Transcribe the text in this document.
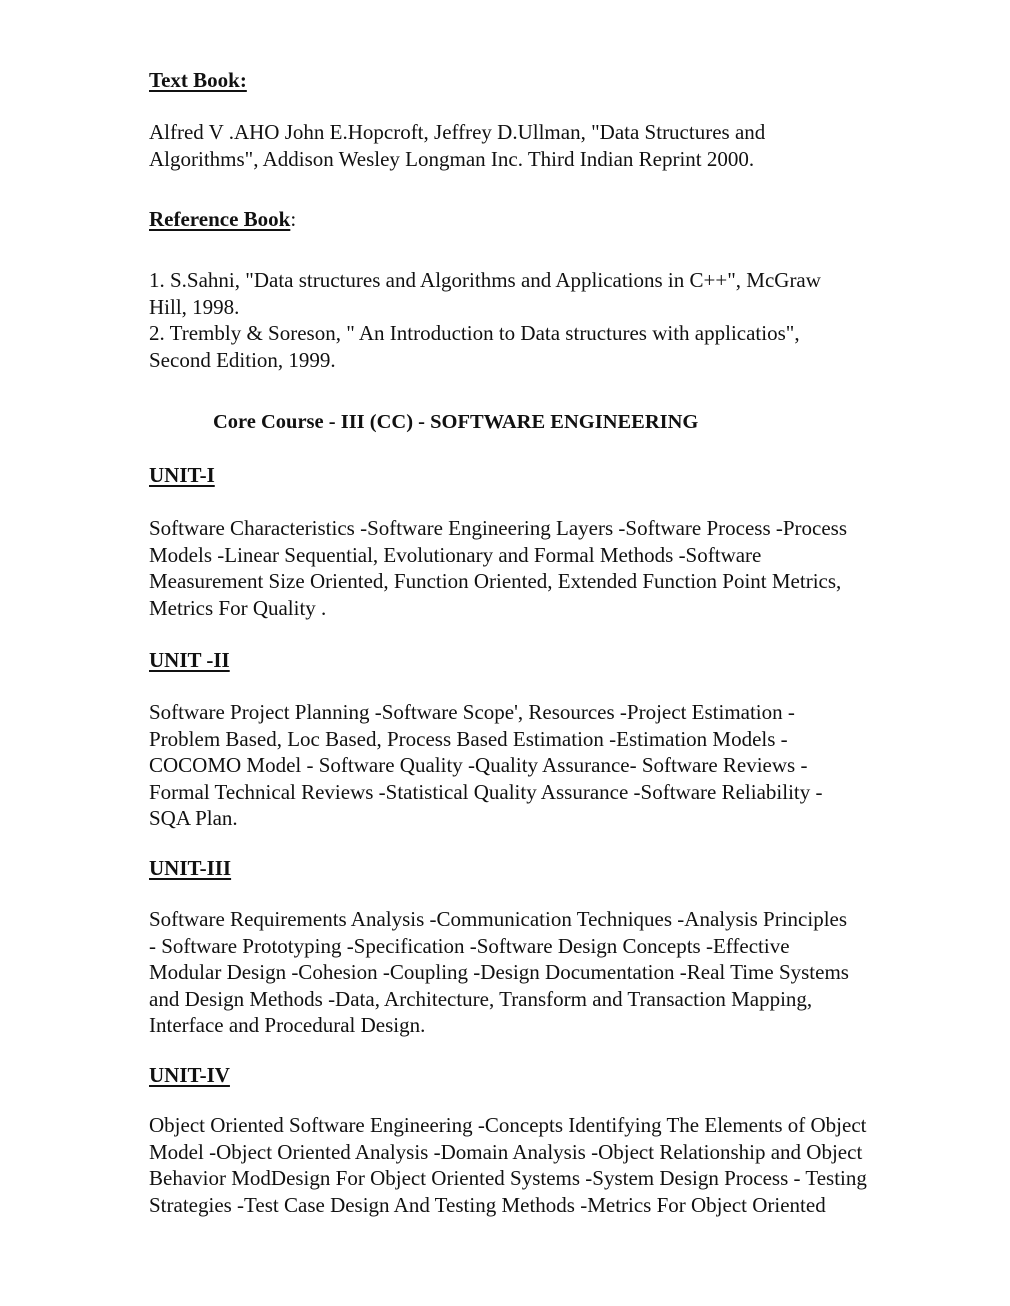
Text Book:
Alfred V .AHO John E.Hopcroft, Jeffrey D.Ullman, "Data Structures and
Algorithms", Addison Wesley Longman Inc. Third Indian Reprint 2000.
Reference Book:
1. S.Sahni, "Data structures and Algorithms and Applications in C++", McGraw
Hill, 1998.
2. Trembly & Soreson, " An Introduction to Data structures with applicatios",
Second Edition, 1999.
Core Course - III (CC) - SOFTWARE ENGINEERING
UNIT-I
Software Characteristics -Software Engineering Layers -Software Process -Process
Models -Linear Sequential, Evolutionary and Formal Methods -Software
Measurement Size Oriented, Function Oriented, Extended Function Point Metrics,
Metrics For Quality .
UNIT -II
Software Project Planning -Software Scope', Resources -Project Estimation -
Problem Based, Loc Based, Process Based Estimation -Estimation Models -
COCOMO Model - Software Quality -Quality Assurance- Software Reviews -
Formal Technical Reviews -Statistical Quality Assurance -Software Reliability -
SQA Plan.
UNIT-III
Software Requirements Analysis -Communication Techniques -Analysis Principles
- Software Prototyping -Specification -Software Design Concepts -Effective
Modular Design -Cohesion -Coupling -Design Documentation -Real Time Systems
and Design Methods -Data, Architecture, Transform and Transaction Mapping,
Interface and Procedural Design.
UNIT-IV
Object Oriented Software Engineering -Concepts Identifying The Elements of Object
Model -Object Oriented Analysis -Domain Analysis -Object Relationship and Object
Behavior ModDesign For Object Oriented Systems -System Design Process - Testing
Strategies -Test Case Design And Testing Methods -Metrics For Object Oriented
